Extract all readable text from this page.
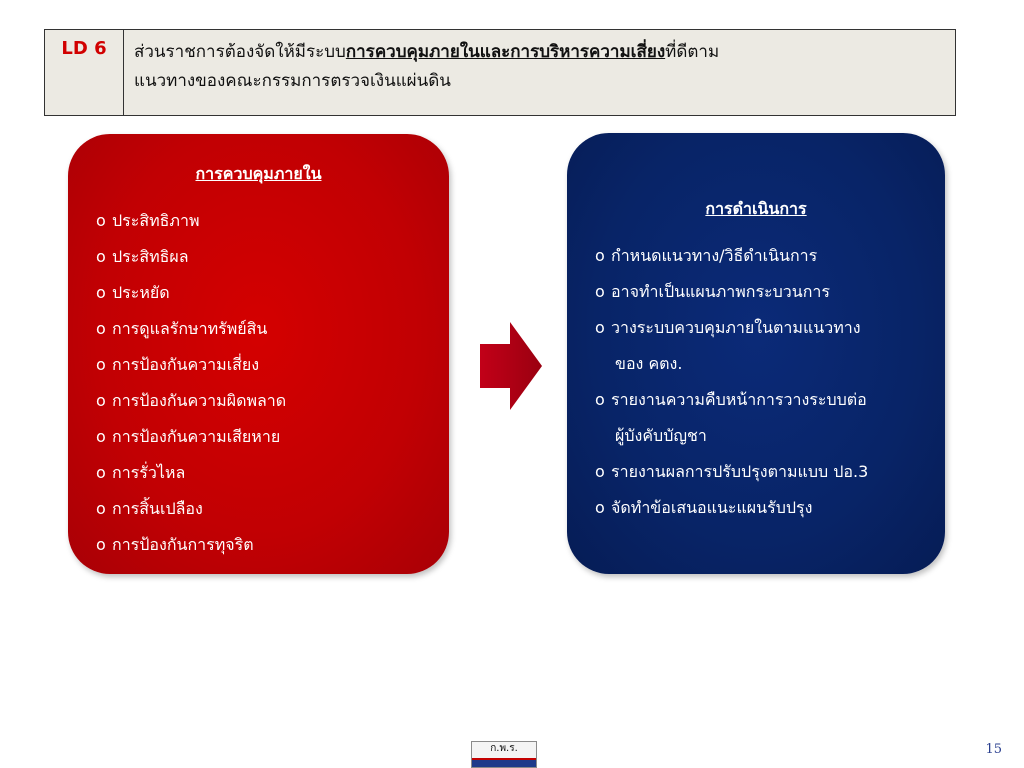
LD 6	ส่วนราชการต้องจัดให้มีระบบการควบคุมภายในและการบริหารความเสี่ยงที่ดีตาม
แนวทางของคณะกรรมการตรวจเงินแผ่นดิน
การควบคุมภายใน
o ประสิทธิภาพ
o ประสิทธิผล
o ประหยัด
o การดูแลรักษาทรัพย์สิน
o การป้องกันความเสี่ยง
o การป้องกันความผิดพลาด
o การป้องกันความเสียหาย
o การรั่วไหล
o การสิ้นเปลือง
o การป้องกันการทุจริต
การดำเนินการ
o กำหนดแนวทาง/วิธีดำเนินการ
o อาจทำเป็นแผนภาพกระบวนการ
o วางระบบควบคุมภายในตามแนวทาง
ของ คตง.
o รายงานความคืบหน้าการวางระบบต่อ
ผู้บังคับบัญชา
o รายงานผลการปรับปรุงตามแบบ ปอ.3
o จัดทำข้อเสนอแนะแผนรับปรุง
ก.พ.ร.	15
